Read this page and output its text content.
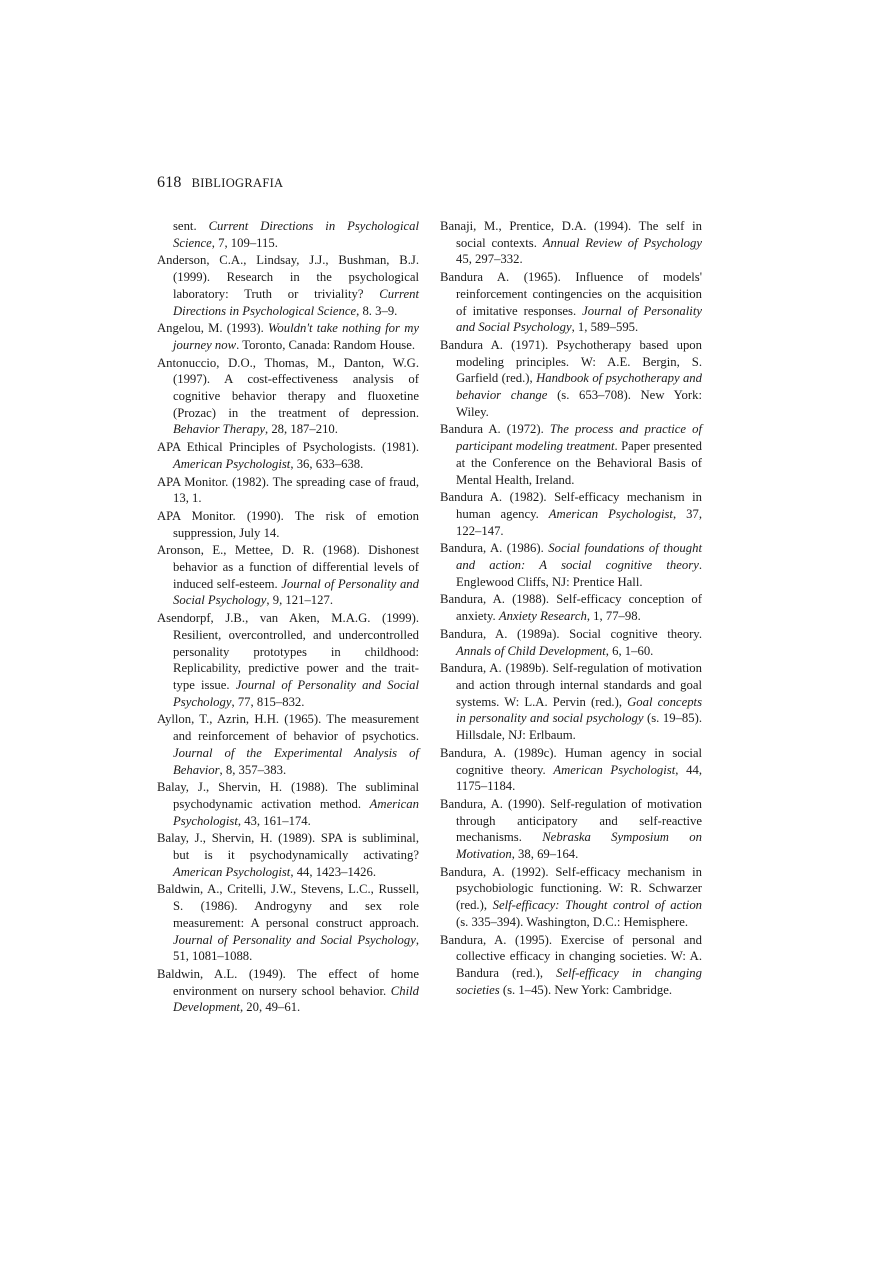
618 BIBLIOGRAFIA

sent. Current Directions in Psychological Science, 7, 109–115.

Anderson, C.A., Lindsay, J.J., Bushman, B.J. (1999). Research in the psychological laboratory: Truth or triviality? Current Directions in Psychological Science, 8. 3–9.

Angelou, M. (1993). Wouldn't take nothing for my journey now. Toronto, Canada: Random House.

Antonuccio, D.O., Thomas, M., Danton, W.G. (1997). A cost-effectiveness analysis of cognitive behavior therapy and fluoxetine (Prozac) in the treatment of depression. Behavior Therapy, 28, 187–210.

APA Ethical Principles of Psychologists. (1981). American Psychologist, 36, 633–638.

APA Monitor. (1982). The spreading case of fraud, 13, 1.

APA Monitor. (1990). The risk of emotion suppression, July 14.

Aronson, E., Mettee, D. R. (1968). Dishonest behavior as a function of differential levels of induced self-esteem. Journal of Personality and Social Psychology, 9, 121–127.

Asendorpf, J.B., van Aken, M.A.G. (1999). Resilient, overcontrolled, and undercontrolled personality prototypes in childhood: Replicability, predictive power and the trait-type issue. Journal of Personality and Social Psychology, 77, 815–832.

Ayllon, T., Azrin, H.H. (1965). The measurement and reinforcement of behavior of psychotics. Journal of the Experimental Analysis of Behavior, 8, 357–383.

Balay, J., Shervin, H. (1988). The subliminal psychodynamic activation method. American Psychologist, 43, 161–174.

Balay, J., Shervin, H. (1989). SPA is subliminal, but is it psychodynamically activating? American Psychologist, 44, 1423–1426.

Baldwin, A., Critelli, J.W., Stevens, L.C., Russell, S. (1986). Androgyny and sex role measurement: A personal construct approach. Journal of Personality and Social Psychology, 51, 1081–1088.

Baldwin, A.L. (1949). The effect of home environment on nursery school behavior. Child Development, 20, 49–61.

Banaji, M., Prentice, D.A. (1994). The self in social contexts. Annual Review of Psychology 45, 297–332.

Bandura A. (1965). Influence of models' reinforcement contingencies on the acquisition of imitative responses. Journal of Personality and Social Psychology, 1, 589–595.

Bandura A. (1971). Psychotherapy based upon modeling principles. W: A.E. Bergin, S. Garfield (red.), Handbook of psychotherapy and behavior change (s. 653–708). New York: Wiley.

Bandura A. (1972). The process and practice of participant modeling treatment. Paper presented at the Conference on the Behavioral Basis of Mental Health, Ireland.

Bandura A. (1982). Self-efficacy mechanism in human agency. American Psychologist, 37, 122–147.

Bandura, A. (1986). Social foundations of thought and action: A social cognitive theory. Englewood Cliffs, NJ: Prentice Hall.

Bandura, A. (1988). Self-efficacy conception of anxiety. Anxiety Research, 1, 77–98.

Bandura, A. (1989a). Social cognitive theory. Annals of Child Development, 6, 1–60.

Bandura, A. (1989b). Self-regulation of motivation and action through internal standards and goal systems. W: L.A. Pervin (red.), Goal concepts in personality and social psychology (s. 19–85). Hillsdale, NJ: Erlbaum.

Bandura, A. (1989c). Human agency in social cognitive theory. American Psychologist, 44, 1175–1184.

Bandura, A. (1990). Self-regulation of motivation through anticipatory and self-reactive mechanisms. Nebraska Symposium on Motivation, 38, 69–164.

Bandura, A. (1992). Self-efficacy mechanism in psychobiologic functioning. W: R. Schwarzer (red.), Self-efficacy: Thought control of action (s. 335–394). Washington, D.C.: Hemisphere.

Bandura, A. (1995). Exercise of personal and collective efficacy in changing societies. W: A. Bandura (red.), Self-efficacy in changing societies (s. 1–45). New York: Cambridge.
